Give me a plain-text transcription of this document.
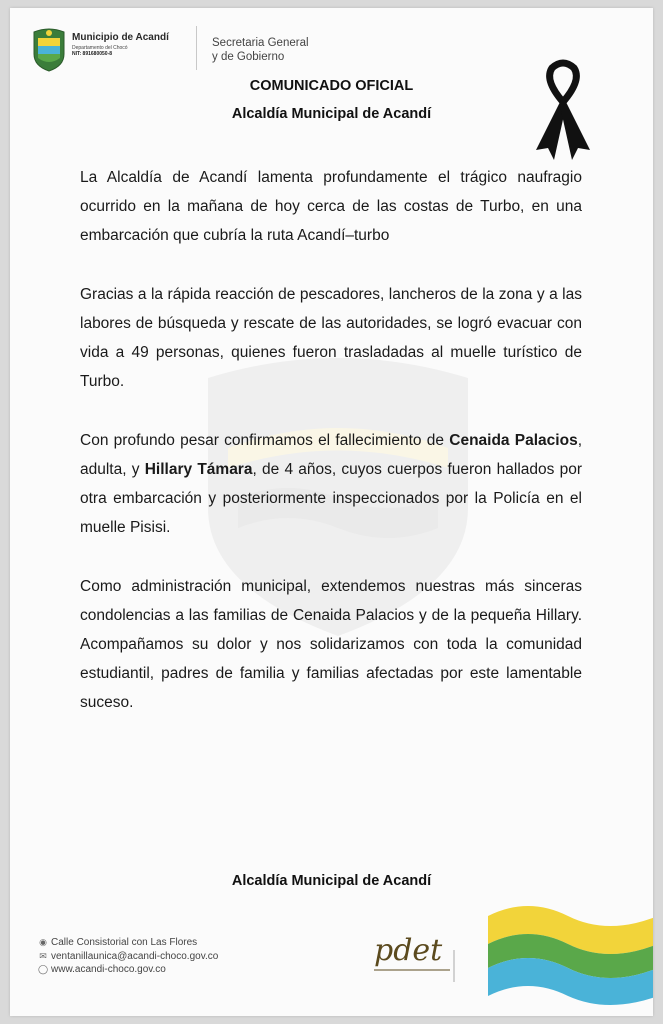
Municipio de Acandí
Departamento del Chocó
NIT: 891680050-8
Secretaria General
y de Gobierno
COMUNICADO OFICIAL
Alcaldía Municipal de Acandí

La Alcaldía de Acandí lamenta profundamente el trágico naufragio ocurrido en la mañana de hoy cerca de las costas de Turbo, en una embarcación que cubría la ruta Acandí–turbo

Gracias a la rápida reacción de pescadores, lancheros de la zona y a las labores de búsqueda y rescate de las autoridades, se logró evacuar con vida a 49 personas, quienes fueron trasladadas al muelle turístico de Turbo.

Con profundo pesar confirmamos el fallecimiento de Cenaida Palacios, adulta, y Hillary Támara, de 4 años, cuyos cuerpos fueron hallados por otra embarcación y posteriormente inspeccionados por la Policía en el muelle Pisisi.

Como administración municipal, extendemos nuestras más sinceras condolencias a las familias de Cenaida Palacios y de la pequeña Hillary. Acompañamos su dolor y nos solidarizamos con toda la comunidad estudiantil, padres de familia y familias afectadas por este lamentable suceso.

Alcaldía Municipal de Acandí
◉ Calle Consistorial con Las Flores
✉ ventanillaunica@acandi-choco.gov.co
◯ www.acandi-choco.gov.co
pdet
